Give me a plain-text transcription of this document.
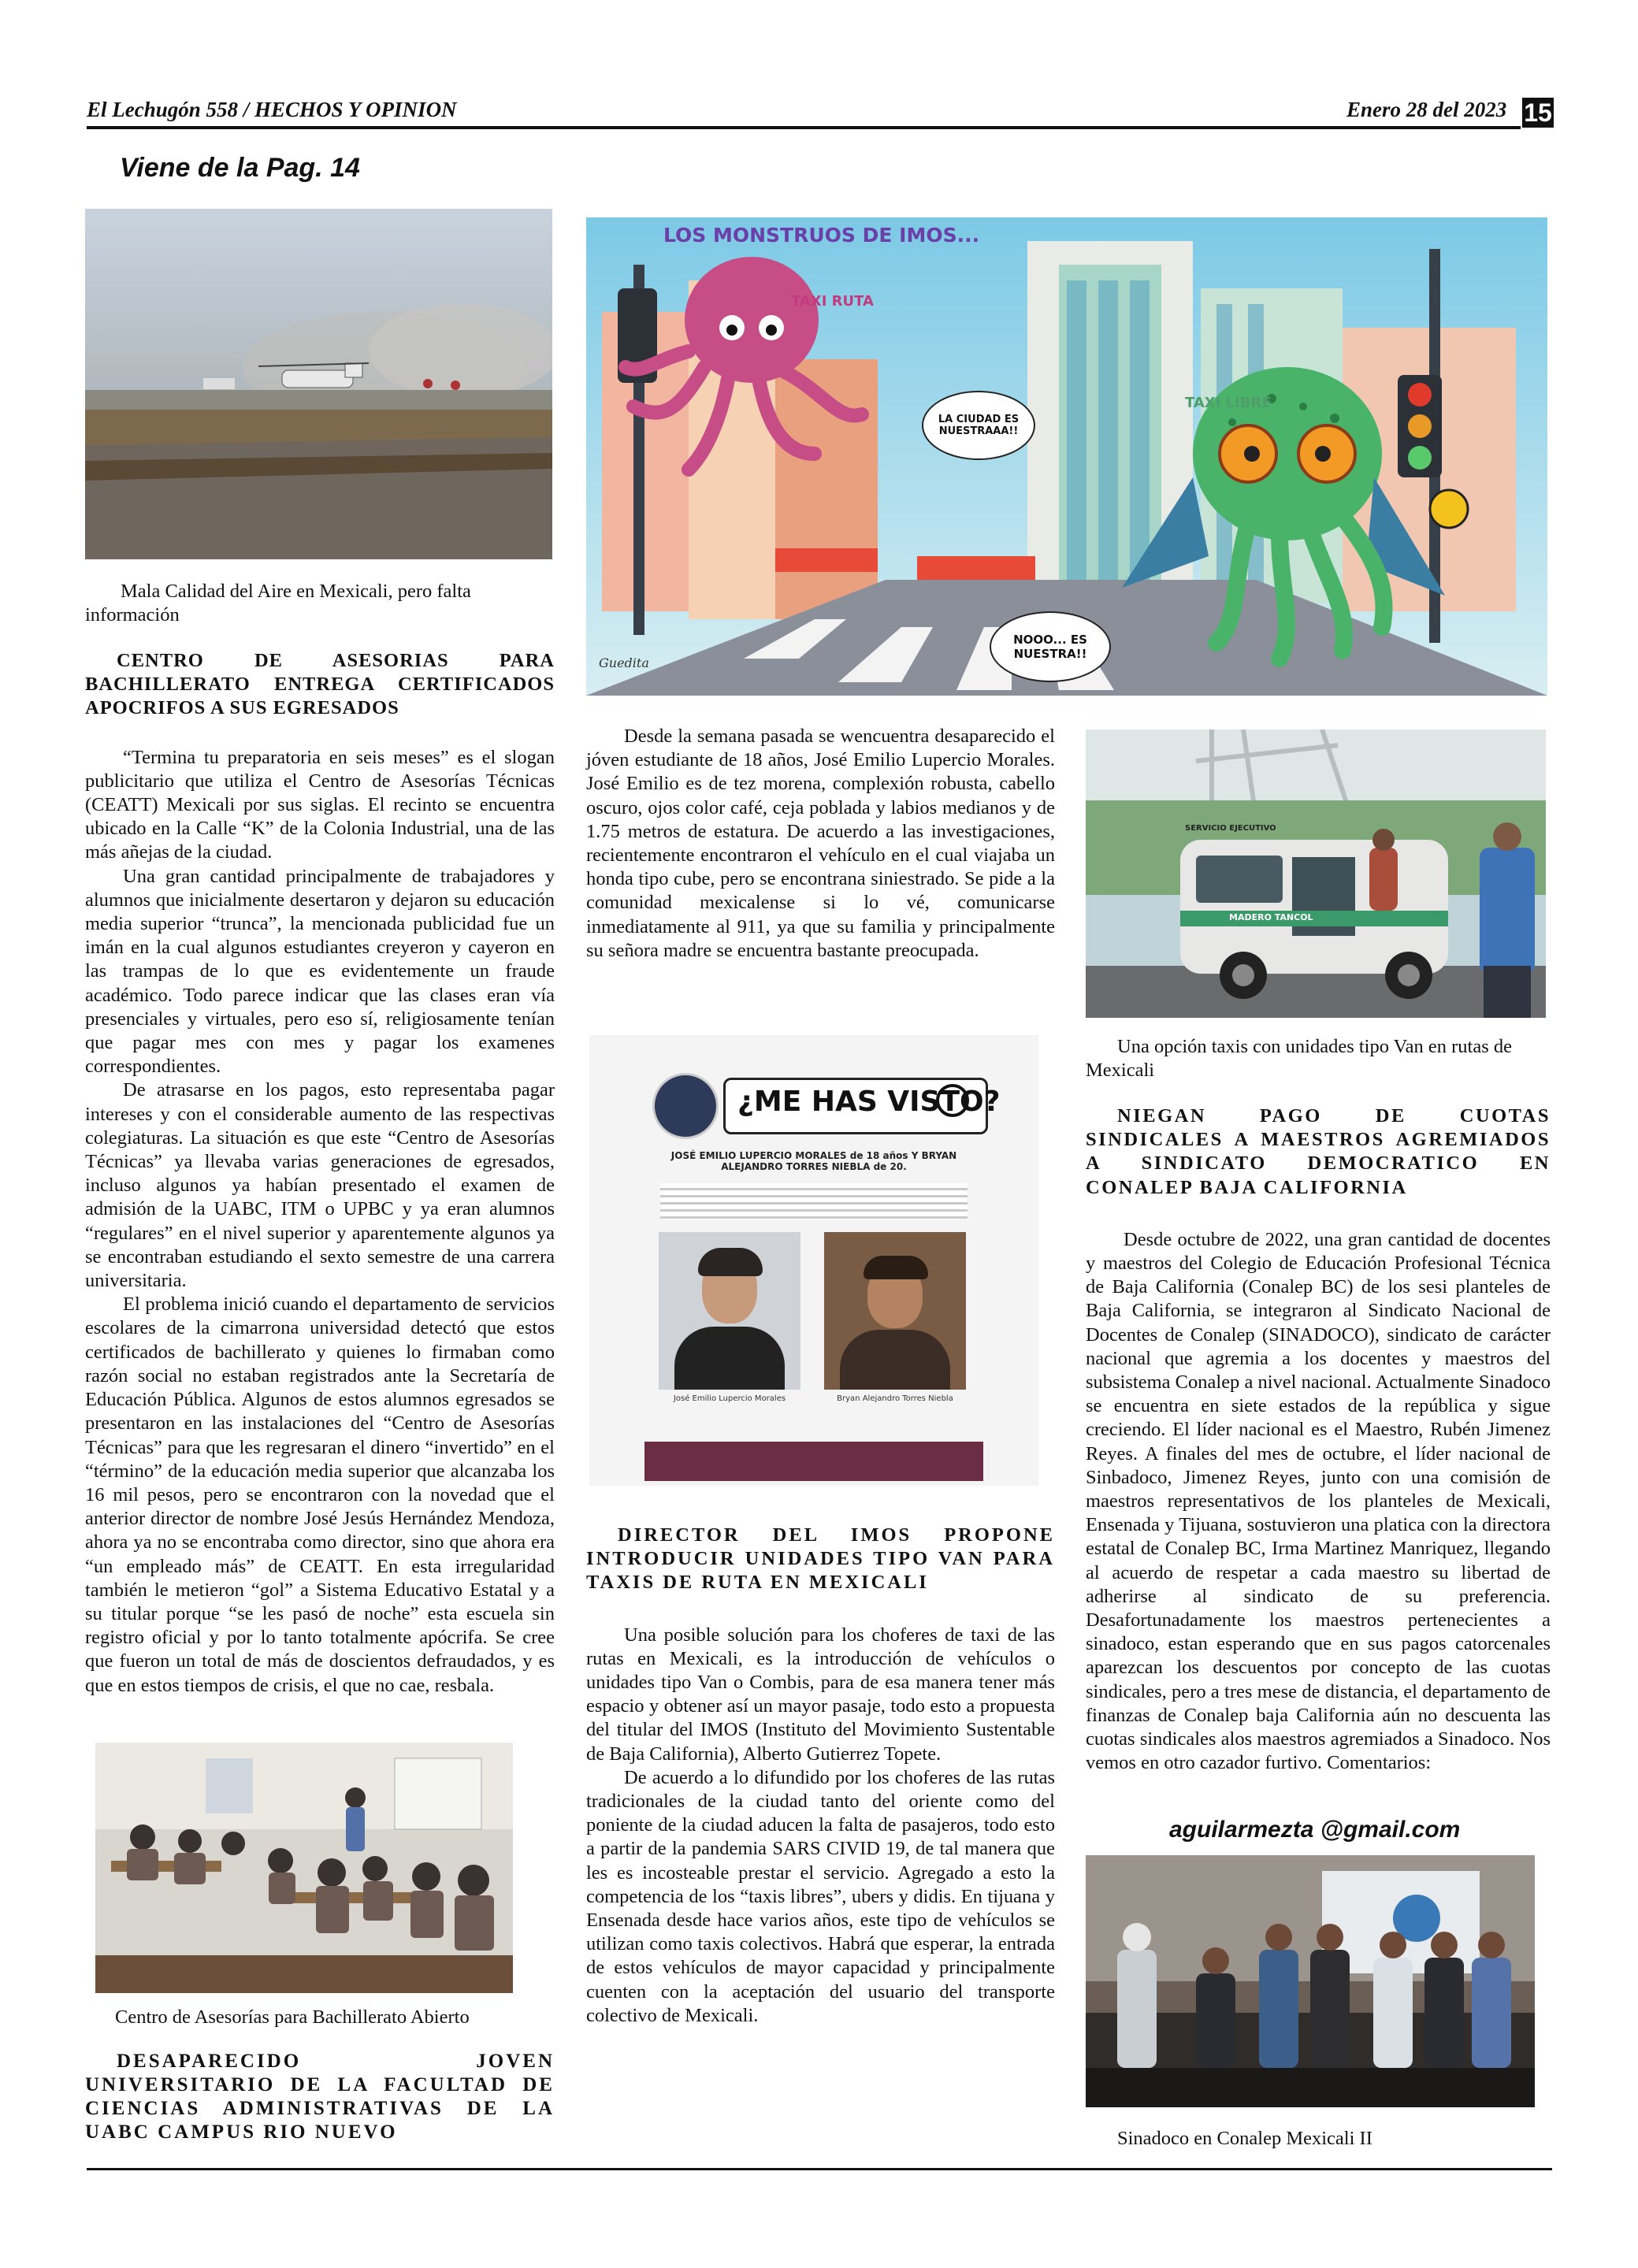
El Lechugón 558 / HECHOS Y OPINION	Enero 28 del 2023 15
Viene de la Pag. 14

Mala Calidad del Aire en Mexicali, pero falta información

CENTRO DE ASESORIAS PARA BACHILLERATO ENTREGA CERTIFICADOS APOCRIFOS A SUS EGRESADOS

“Termina tu preparatoria en seis meses” es el slogan publicitario que utiliza el Centro de Asesorías Técnicas (CEATT) Mexicali por sus siglas. El recinto se encuentra ubicado en la Calle “K” de la Colonia Industrial, una de las más añejas de la ciudad.

Una gran cantidad principalmente de trabajadores y alumnos que inicialmente desertaron y dejaron su educación media superior “trunca”, la mencionada publicidad fue un imán en la cual algunos estudiantes creyeron y cayeron en las trampas de lo que es evidentemente un fraude académico. Todo parece indicar que las clases eran vía presenciales y virtuales, pero eso sí, religiosamente tenían que pagar mes con mes y pagar los examenes correspondientes.

De atrasarse en los pagos, esto representaba pagar intereses y con el considerable aumento de las respectivas colegiaturas. La situación es que este “Centro de Asesorías Técnicas” ya llevaba varias generaciones de egresados, incluso algunos ya habían presentado el examen de admisión de la UABC, ITM o UPBC y ya eran alumnos “regulares” en el nivel superior y aparentemente algunos ya se encontraban estudiando el sexto semestre de una carrera universitaria.

El problema inició cuando el departamento de servicios escolares de la cimarrona universidad detectó que estos certificados de bachillerato y quienes lo firmaban como razón social no estaban registrados ante la Secretaría de Educación Pública. Algunos de estos alumnos egresados se presentaron en las instalaciones del “Centro de Asesorías Técnicas” para que les regresaran el dinero “invertido” en el “término” de la educación media superior que alcanzaba los 16 mil pesos, pero se encontraron con la novedad que el anterior director de nombre José Jesús Hernández Mendoza, ahora ya no se encontraba como director, sino que ahora era “un empleado más” de CEATT. En esta irregularidad también le metieron “gol” a Sistema Educativo Estatal y a su titular porque “se les pasó de noche” esta escuela sin registro oficial y por lo tanto totalmente apócrifa. Se cree que fueron un total de más de doscientos defraudados, y es que en estos tiempos de crisis, el que no cae, resbala.

Centro de Asesorías para Bachillerato Abierto

DESAPARECIDO JOVEN UNIVERSITARIO DE LA FACULTAD DE CIENCIAS ADMINISTRATIVAS DE LA UABC CAMPUS RIO NUEVO

LOS MONSTRUOS DE IMOS...
TAXI RUTA
TAXI LIBRE
LA CIUDAD ES NUESTRAAA!!
NOOO... ES NUESTRA!!
Guedita

Desde la semana pasada se wencuentra desaparecido el jóven estudiante de 18 años, José Emilio Lupercio Morales. José Emilio es de tez morena, complexión robusta, cabello oscuro, ojos color café, ceja poblada y labios medianos y de 1.75 metros de estatura. De acuerdo a las investigaciones, recientemente encontraron el vehículo en el cual viajaba un honda tipo cube, pero se encontrana siniestrado. Se pide a la comunidad mexicalense si lo vé, comunicarse inmediatamente al 911, ya que su familia y principalmente su señora madre se encuentra bastante preocupada.

¿ME HAS VISTO?
JOSÉ EMILIO LUPERCIO MORALES de 18 años Y BRYAN ALEJANDRO TORRES NIEBLA de 20.
José Emilio Lupercio Morales	Bryan Alejandro Torres Niebla

DIRECTOR DEL IMOS PROPONE INTRODUCIR UNIDADES TIPO VAN PARA TAXIS DE RUTA EN MEXICALI

Una posible solución para los choferes de taxi de las rutas en Mexicali, es la introducción de vehículos o unidades tipo Van o Combis, para de esa manera tener más espacio y obtener así un mayor pasaje, todo esto a propuesta del titular del IMOS (Instituto del Movimiento Sustentable de Baja California), Alberto Gutierrez Topete.

De acuerdo a lo difundido por los choferes de las rutas tradicionales de la ciudad tanto del oriente como del poniente de la ciudad aducen la falta de pasajeros, todo esto a partir de la pandemia SARS CIVID 19, de tal manera que les es incosteable prestar el servicio. Agregado a esto la competencia de los “taxis libres”, ubers y didis. En tijuana y Ensenada desde hace varios años, este tipo de vehículos se utilizan como taxis colectivos. Habrá que esperar, la entrada de estos vehículos de mayor capacidad y principalmente cuenten con la aceptación del usuario del transporte colectivo de Mexicali.

SERVICIO EJECUTIVO
MADERO TANCOL

Una opción taxis con unidades tipo Van en rutas de Mexicali

NIEGAN PAGO DE CUOTAS SINDICALES A MAESTROS AGREMIADOS A SINDICATO DEMOCRATICO EN CONALEP BAJA CALIFORNIA

Desde octubre de 2022, una gran cantidad de docentes y maestros del Colegio de Educación Profesional Técnica de Baja California (Conalep BC) de los sesi planteles de Baja California, se integraron al Sindicato Nacional de Docentes de Conalep (SINADOCO), sindicato de carácter nacional que agremia a los docentes y maestros del subsistema Conalep a nivel nacional. Actualmente Sinadoco se encuentra en siete estados de la república y sigue creciendo. El líder nacional es el Maestro, Rubén Jimenez Reyes. A finales del mes de octubre, el líder nacional de Sinbadoco, Jimenez Reyes, junto con una comisión de maestros representativos de los planteles de Mexicali, Ensenada y Tijuana, sostuvieron una platica con la directora estatal de Conalep BC, Irma Martinez Manriquez, llegando al acuerdo de respetar a cada maestro su libertad de adherirse al sindicato de su preferencia. Desafortunadamente los maestros pertenecientes a sinadoco, estan esperando que en sus pagos catorcenales aparezcan los descuentos por concepto de las cuotas sindicales, pero a tres mese de distancia, el departamento de finanzas de Conalep baja California aún no descuenta las cuotas sindicales alos maestros agremiados a Sinadoco. Nos vemos en otro cazador furtivo. Comentarios:

aguilarmezta @gmail.com

Sinadoco en Conalep Mexicali II
